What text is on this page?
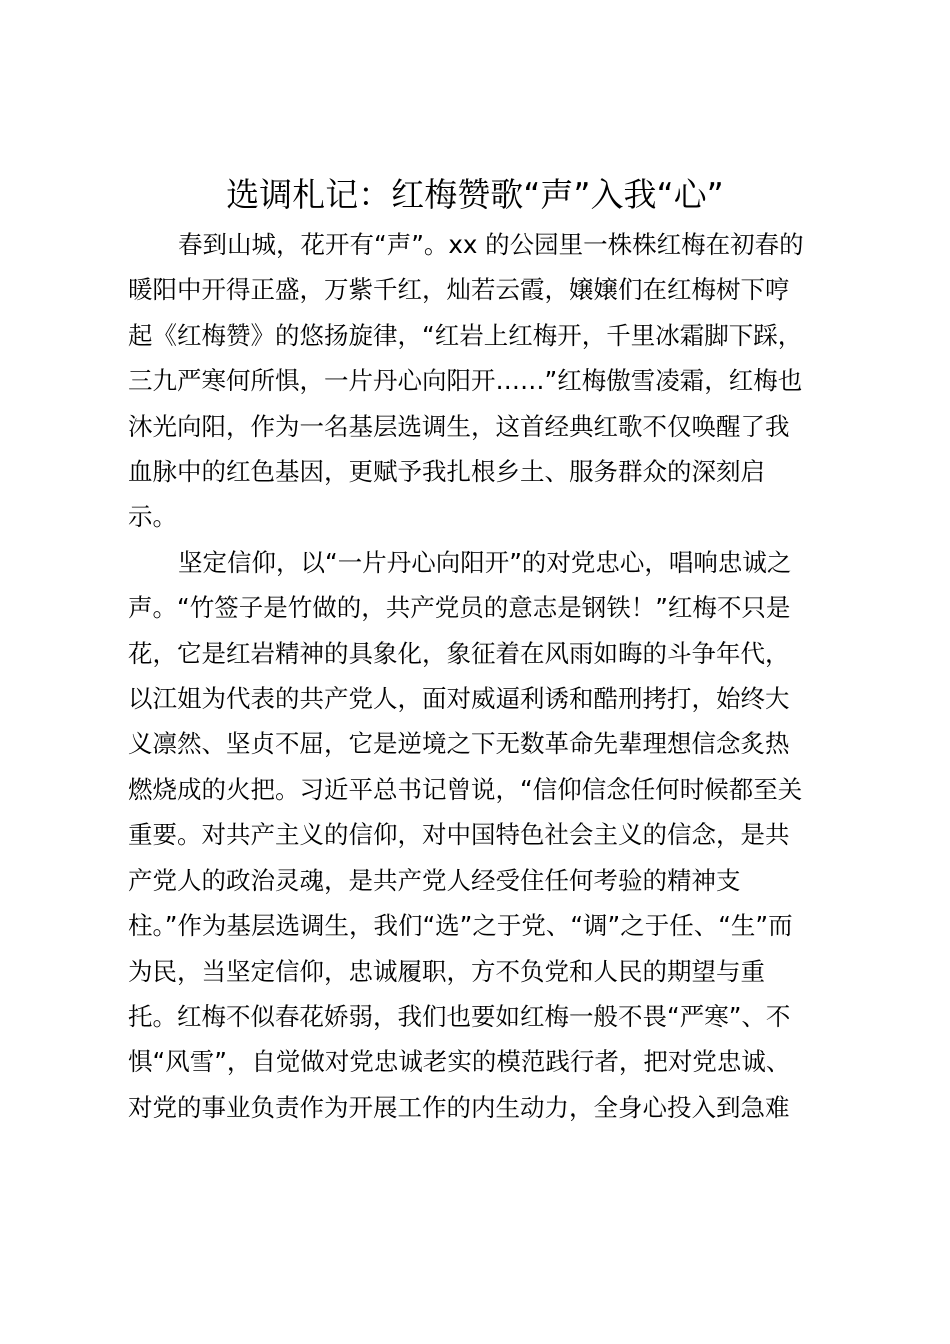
选调札记：红梅赞歌“声”入我“心”

春到山城，花开有“声”。xx 的公园里一株株红梅在初春的
暖阳中开得正盛，万紫千红，灿若云霞，嬢嬢们在红梅树下哼
起《红梅赞》的悠扬旋律，“红岩上红梅开，千里冰霜脚下踩，
三九严寒何所惧，一片丹心向阳开……”红梅傲雪凌霜，红梅也
沐光向阳，作为一名基层选调生，这首经典红歌不仅唤醒了我
血脉中的红色基因，更赋予我扎根乡土、服务群众的深刻启
示。

坚定信仰，以“一片丹心向阳开”的对党忠心，唱响忠诚之
声。“竹签子是竹做的，共产党员的意志是钢铁！”红梅不只是
花，它是红岩精神的具象化，象征着在风雨如晦的斗争年代，
以江姐为代表的共产党人，面对威逼利诱和酷刑拷打，始终大
义凛然、坚贞不屈，它是逆境之下无数革命先辈理想信念炙热
燃烧成的火把。习近平总书记曾说，“信仰信念任何时候都至关
重要。对共产主义的信仰，对中国特色社会主义的信念，是共
产党人的政治灵魂，是共产党人经受住任何考验的精神支
柱。”作为基层选调生，我们“选”之于党、“调”之于任、“生”而
为民，当坚定信仰，忠诚履职，方不负党和人民的期望与重
托。红梅不似春花娇弱，我们也要如红梅一般不畏“严寒”、不
惧“风雪”，自觉做对党忠诚老实的模范践行者，把对党忠诚、
对党的事业负责作为开展工作的内生动力，全身心投入到急难
